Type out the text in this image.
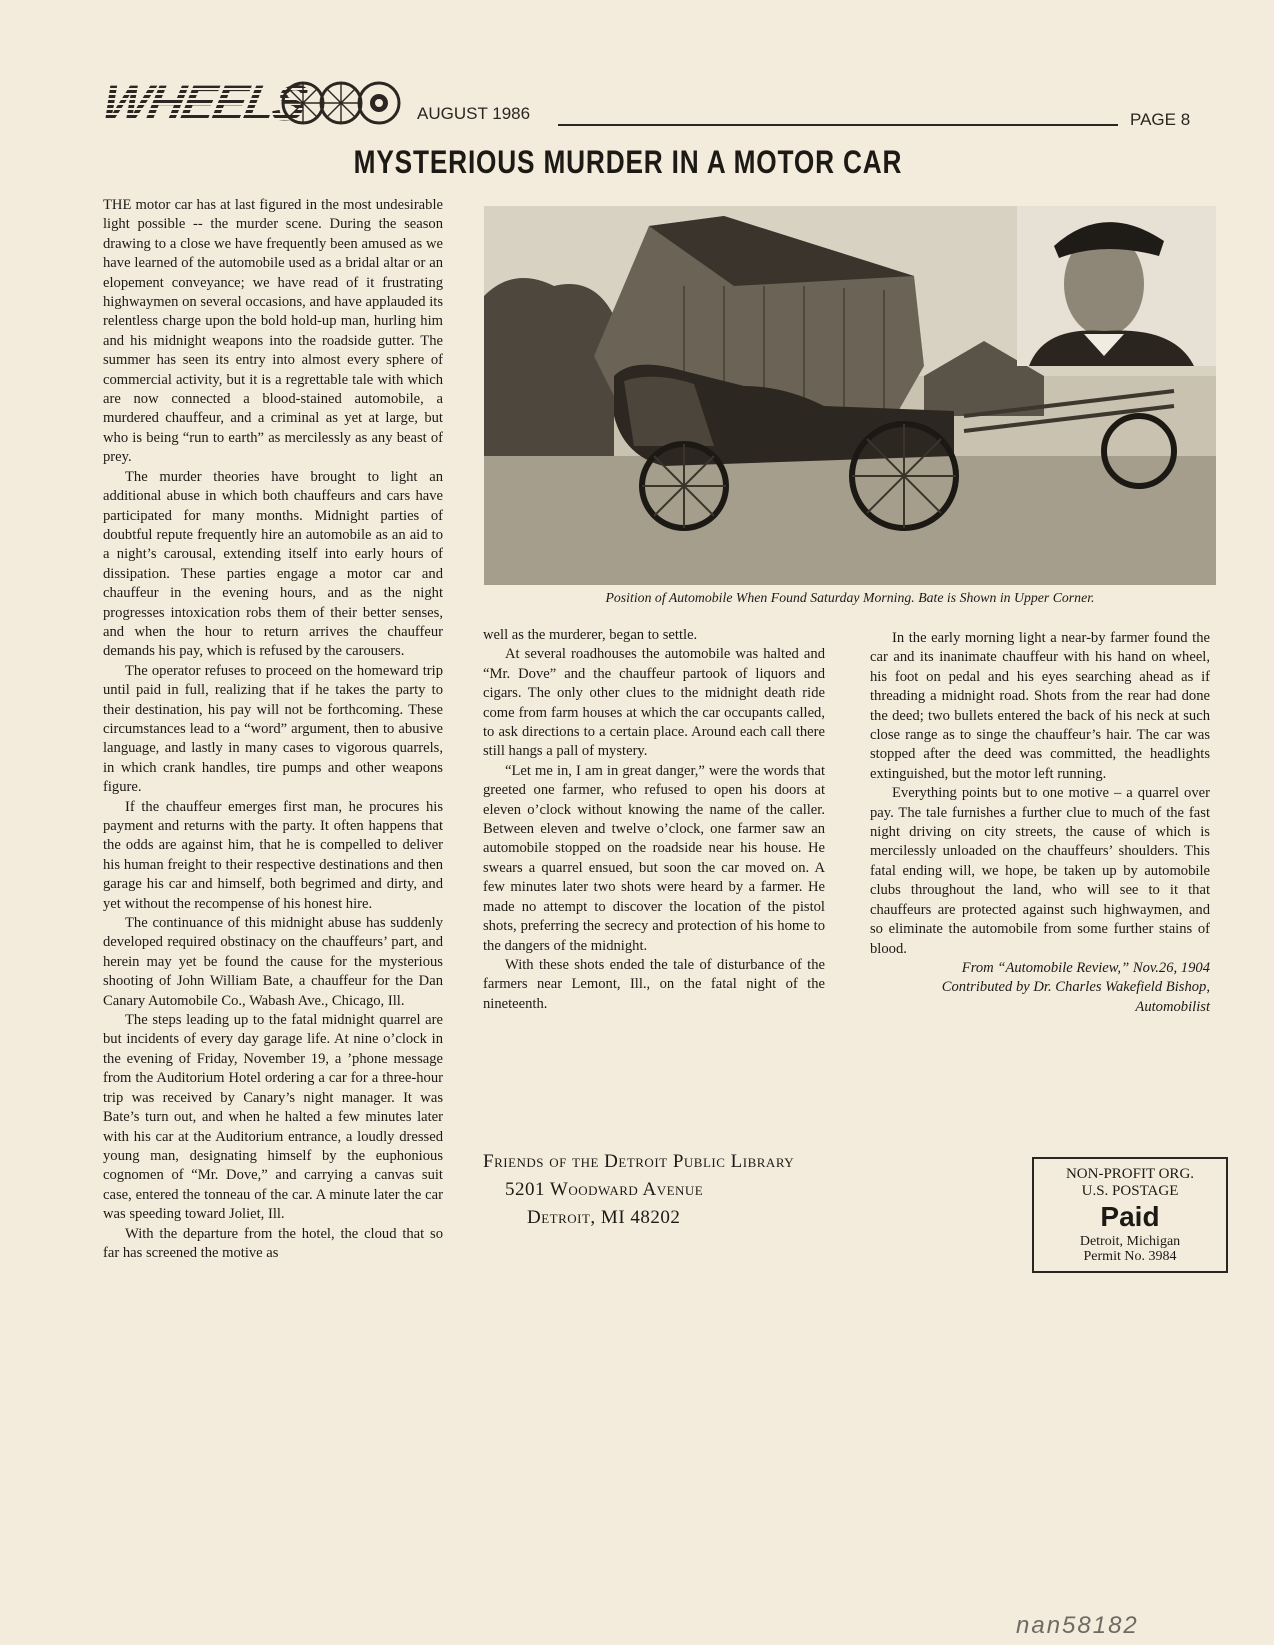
WHEELS	AUGUST 1986	PAGE 8
MYSTERIOUS MURDER IN A MOTOR CAR

THE motor car has at last figured in the most undesirable light possible -- the murder scene. During the season drawing to a close we have frequently been amused as we have learned of the automobile used as a bridal altar or an elopement conveyance; we have read of it frustrating highwaymen on several occasions, and have applauded its relentless charge upon the bold hold-up man, hurling him and his midnight weapons into the roadside gutter. The summer has seen its entry into almost every sphere of commercial activity, but it is a regrettable tale with which are now connected a blood-stained automobile, a murdered chauffeur, and a criminal as yet at large, but who is being “run to earth” as mercilessly as any beast of prey.

The murder theories have brought to light an additional abuse in which both chauffeurs and cars have participated for many months. Midnight parties of doubtful repute frequently hire an automobile as an aid to a night’s carousal, extending itself into early hours of dissipation. These parties engage a motor car and chauffeur in the evening hours, and as the night progresses intoxication robs them of their better senses, and when the hour to return arrives the chauffeur demands his pay, which is refused by the carousers.

The operator refuses to proceed on the homeward trip until paid in full, realizing that if he takes the party to their destination, his pay will not be forthcoming. These circumstances lead to a “word” argument, then to abusive language, and lastly in many cases to vigorous quarrels, in which crank handles, tire pumps and other weapons figure.

If the chauffeur emerges first man, he procures his payment and returns with the party. It often happens that the odds are against him, that he is compelled to deliver his human freight to their respective destinations and then garage his car and himself, both begrimed and dirty, and yet without the recompense of his honest hire.

The continuance of this midnight abuse has suddenly developed required obstinacy on the chauffeurs’ part, and herein may yet be found the cause for the mysterious shooting of John William Bate, a chauffeur for the Dan Canary Automobile Co., Wabash Ave., Chicago, Ill.

The steps leading up to the fatal midnight quarrel are but incidents of every day garage life. At nine o’clock in the evening of Friday, November 19, a ’phone message from the Auditorium Hotel ordering a car for a three-hour trip was received by Canary’s night manager. It was Bate’s turn out, and when he halted a few minutes later with his car at the Auditorium entrance, a loudly dressed young man, designating himself by the euphonious cognomen of “Mr. Dove,” and carrying a canvas suit case, entered the tonneau of the car. A minute later the car was speeding toward Joliet, Ill.

With the departure from the hotel, the cloud that so far has screened the motive as

Position of Automobile When Found Saturday Morning. Bate is Shown in Upper Corner.

well as the murderer, began to settle.

At several roadhouses the automobile was halted and “Mr. Dove” and the chauffeur partook of liquors and cigars. The only other clues to the midnight death ride come from farm houses at which the car occupants called, to ask directions to a certain place. Around each call there still hangs a pall of mystery.

“Let me in, I am in great danger,” were the words that greeted one farmer, who refused to open his doors at eleven o’clock without knowing the name of the caller. Between eleven and twelve o’clock, one farmer saw an automobile stopped on the roadside near his house. He swears a quarrel ensued, but soon the car moved on. A few minutes later two shots were heard by a farmer. He made no attempt to discover the location of the pistol shots, preferring the secrecy and protection of his home to the dangers of the midnight.

With these shots ended the tale of disturbance of the farmers near Lemont, Ill., on the fatal night of the nineteenth.

In the early morning light a near-by farmer found the car and its inanimate chauffeur with his hand on wheel, his foot on pedal and his eyes searching ahead as if threading a midnight road. Shots from the rear had done the deed; two bullets entered the back of his neck at such close range as to singe the chauffeur’s hair. The car was stopped after the deed was committed, the headlights extinguished, but the motor left running.

Everything points but to one motive – a quarrel over pay. The tale furnishes a further clue to much of the fast night driving on city streets, the cause of which is mercilessly unloaded on the chauffeurs’ shoulders. This fatal ending will, we hope, be taken up by automobile clubs throughout the land, who will see to it that chauffeurs are protected against such highwaymen, and so eliminate the automobile from some further stains of blood.

From “Automobile Review,” Nov.26, 1904

Contributed by Dr. Charles Wakefield Bishop,

Automobilist

Friends of the Detroit Public Library
5201 Woodward Avenue
Detroit, MI 48202
NON-PROFIT ORG.
U.S. POSTAGE
Paid
Detroit, Michigan
Permit No. 3984
nan58182
